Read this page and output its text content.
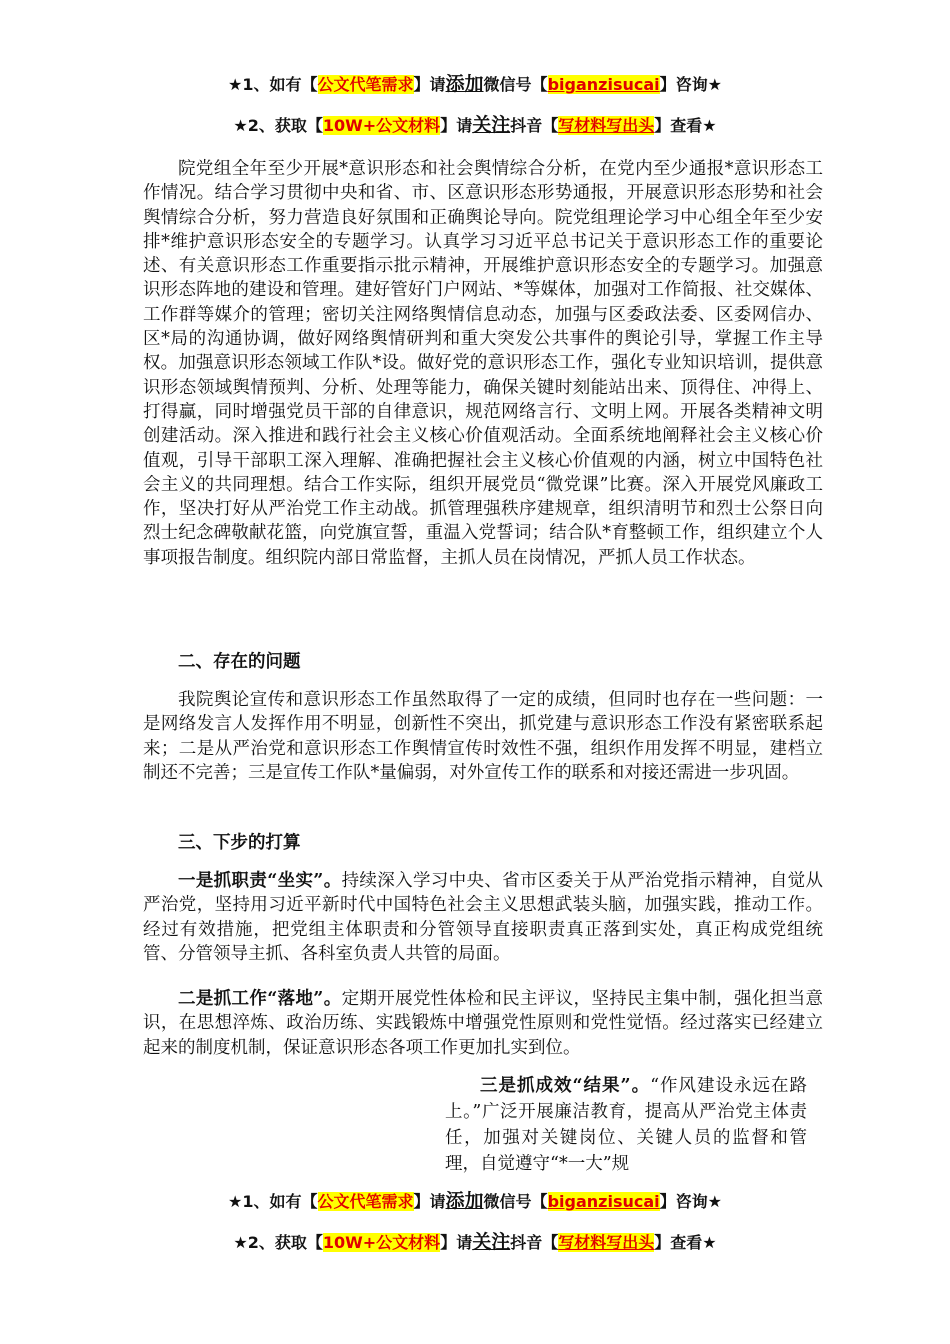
★1、如有【公文代笔需求】请添加微信号【biganzisucai】咨询★
★2、获取【10W+公文材料】请关注抖音【写材料写出头】查看★

院党组全年至少开展*意识形态和社会舆情综合分析，在党内至少通报*意识形态工作情况。结合学习贯彻中央和省、市、区意识形态形势通报，开展意识形态形势和社会舆情综合分析，努力营造良好氛围和正确舆论导向。院党组理论学习中心组全年至少安排*维护意识形态安全的专题学习。认真学习习近平总书记关于意识形态工作的重要论述、有关意识形态工作重要指示批示精神，开展维护意识形态安全的专题学习。加强意识形态阵地的建设和管理。建好管好门户网站、*等媒体，加强对工作简报、社交媒体、工作群等媒介的管理；密切关注网络舆情信息动态，加强与区委政法委、区委网信办、区*局的沟通协调，做好网络舆情研判和重大突发公共事件的舆论引导，掌握工作主导权。加强意识形态领域工作队*设。做好党的意识形态工作，强化专业知识培训，提供意识形态领域舆情预判、分析、处理等能力，确保关键时刻能站出来、顶得住、冲得上、打得赢，同时增强党员干部的自律意识，规范网络言行、文明上网。开展各类精神文明创建活动。深入推进和践行社会主义核心价值观活动。全面系统地阐释社会主义核心价值观，引导干部职工深入理解、准确把握社会主义核心价值观的内涵，树立中国特色社会主义的共同理想。结合工作实际，组织开展党员“微党课”比赛。深入开展党风廉政工作，坚决打好从严治党工作主动战。抓管理强秩序建规章，组织清明节和烈士公祭日向烈士纪念碑敬献花篮，向党旗宣誓，重温入党誓词；结合队*育整顿工作，组织建立个人事项报告制度。组织院内部日常监督，主抓人员在岗情况，严抓人员工作状态。

二、存在的问题

我院舆论宣传和意识形态工作虽然取得了一定的成绩，但同时也存在一些问题：一是网络发言人发挥作用不明显，创新性不突出，抓党建与意识形态工作没有紧密联系起来；二是从严治党和意识形态工作舆情宣传时效性不强，组织作用发挥不明显，建档立制还不完善；三是宣传工作队*量偏弱，对外宣传工作的联系和对接还需进一步巩固。

三、下步的打算

一是抓职责“坐实”。持续深入学习中央、省市区委关于从严治党指示精神，自觉从严治党，坚持用习近平新时代中国特色社会主义思想武装头脑，加强实践，推动工作。经过有效措施，把党组主体职责和分管领导直接职责真正落到实处，真正构成党组统管、分管领导主抓、各科室负责人共管的局面。

二是抓工作“落地”。定期开展党性体检和民主评议，坚持民主集中制，强化担当意识，在思想淬炼、政治历练、实践锻炼中增强党性原则和党性觉悟。经过落实已经建立起来的制度机制，保证意识形态各项工作更加扎实到位。

三是抓成效“结果”。“作风建设永远在路上。”广泛开展廉洁教育，提高从严治党主体责任，加强对关键岗位、关键人员的监督和管理，自觉遵守“*一大”规

★1、如有【公文代笔需求】请添加微信号【biganzisucai】咨询★
★2、获取【10W+公文材料】请关注抖音【写材料写出头】查看★
